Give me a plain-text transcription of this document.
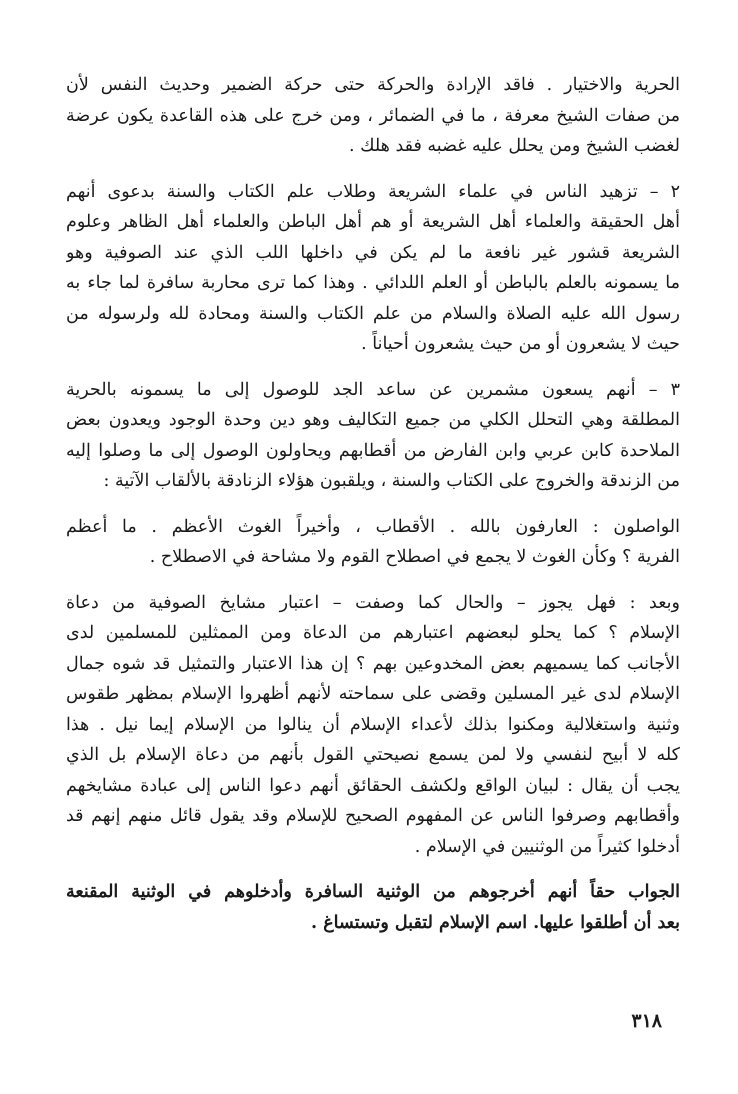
الحرية والاختيار . فاقد الإرادة والحركة حتى حركة الضمير وحديث النفس لأن
من صفات الشيخ معرفة ، ما في الضمائر ، ومن خرج على هذه القاعدة يكون عرضة
لغضب الشيخ ومن يحلل عليه غضبه فقد هلك .

٢ – تزهيد الناس في علماء الشريعة وطلاب علم الكتاب والسنة بدعوى أنهم
أهل الحقيقة والعلماء أهل الشريعة أو هم أهل الباطن والعلماء أهل الظاهر وعلوم
الشريعة قشور غير نافعة ما لم يكن في داخلها اللب الذي عند الصوفية وهو
ما يسمونه بالعلم بالباطن أو العلم اللدائي . وهذا كما ترى محاربة سافرة لما جاء به
رسول الله عليه الصلاة والسلام من علم الكتاب والسنة ومحادة لله ولرسوله من
حيث لا يشعرون أو من حيث يشعرون أحياناً .

٣ – أنهم يسعون مشمرين عن ساعد الجد للوصول إلى ما يسمونه بالحرية
المطلقة وهي التحلل الكلي من جميع التكاليف وهو دين وحدة الوجود ويعدون بعض
الملاحدة كابن عربي وابن الفارض من أقطابهم ويحاولون الوصول إلى ما وصلوا إليه
من الزندقة والخروج على الكتاب والسنة ، ويلقبون هؤلاء الزنادقة بالألقاب الآتية :

الواصلون : العارفون بالله . الأقطاب ، وأخيراً الغوث الأعظم . ما أعظم
الفرية ؟ وكأن الغوث لا يجمع في اصطلاح القوم ولا مشاحة في الاصطلاح .

وبعد : فهل يجوز – والحال كما وصفت – اعتبار مشايخ الصوفية من دعاة
الإسلام ؟ كما يحلو لبعضهم اعتبارهم من الدعاة ومن الممثلين للمسلمين لدى
الأجانب كما يسميهم بعض المخدوعين بهم ؟ إن هذا الاعتبار والتمثيل قد شوه جمال
الإسلام لدى غير المسلين وقضى على سماحته لأنهم أظهروا الإسلام بمظهر طقوس
وثنية واستغلالية ومكنوا بذلك لأعداء الإسلام أن ينالوا من الإسلام إيما نيل . هذا
كله لا أبيح لنفسي ولا لمن يسمع نصيحتي القول بأنهم من دعاة الإسلام بل الذي
يجب أن يقال : لبيان الواقع ولكشف الحقائق أنهم دعوا الناس إلى عبادة مشايخهم
وأقطابهم وصرفوا الناس عن المفهوم الصحيح للإسلام وقد يقول قائل منهم إنهم قد
أدخلوا كثيراً من الوثنيين في الإسلام .

الجواب حقاً أنهم أخرجوهم من الوثنية السافرة وأدخلوهم في الوثنية المقنعة
بعد أن أطلقوا عليها. اسم الإسلام لتقبل وتستساغ .

٣١٨
